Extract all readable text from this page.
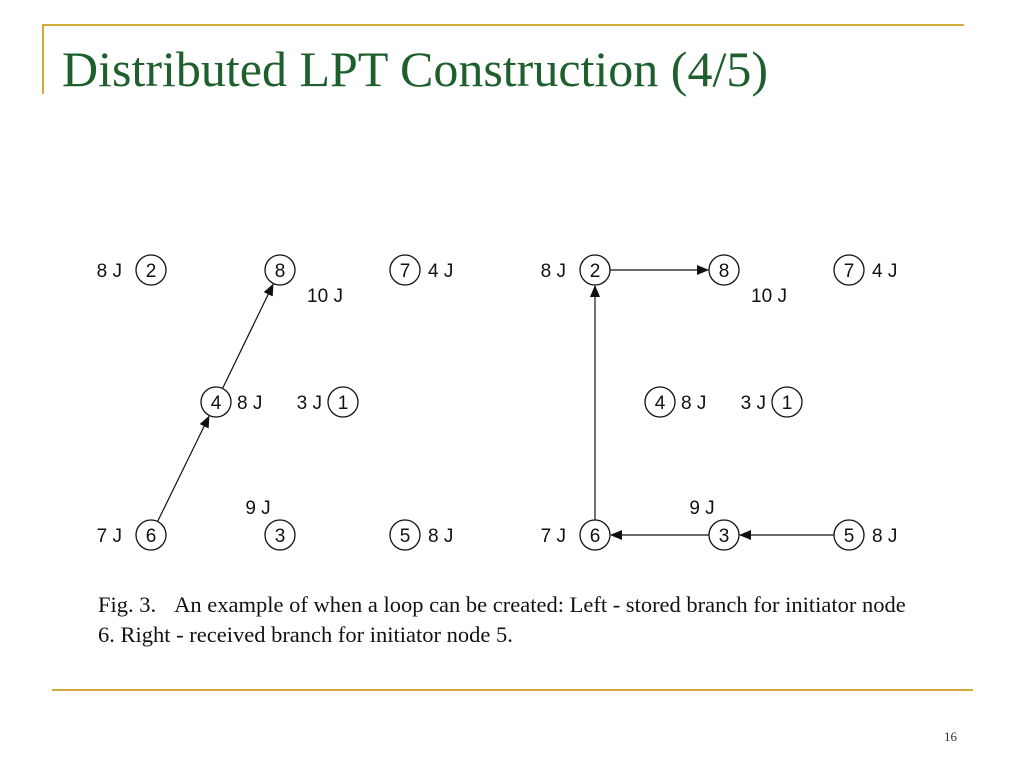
Distributed LPT Construction (4/5)
2
8 J	8
10 J
7 4 J
4 8 J	1
3 J
6
7 J	3
9 J
5 8 J
2
8 J	8
10 J
7 4 J
4 8 J	1
3 J
6
7 J	3
9 J
5 8 J

Fig. 3. An example of when a loop can be created: Left - stored branch for initiator node 6. Right - received branch for initiator node 5.

16
